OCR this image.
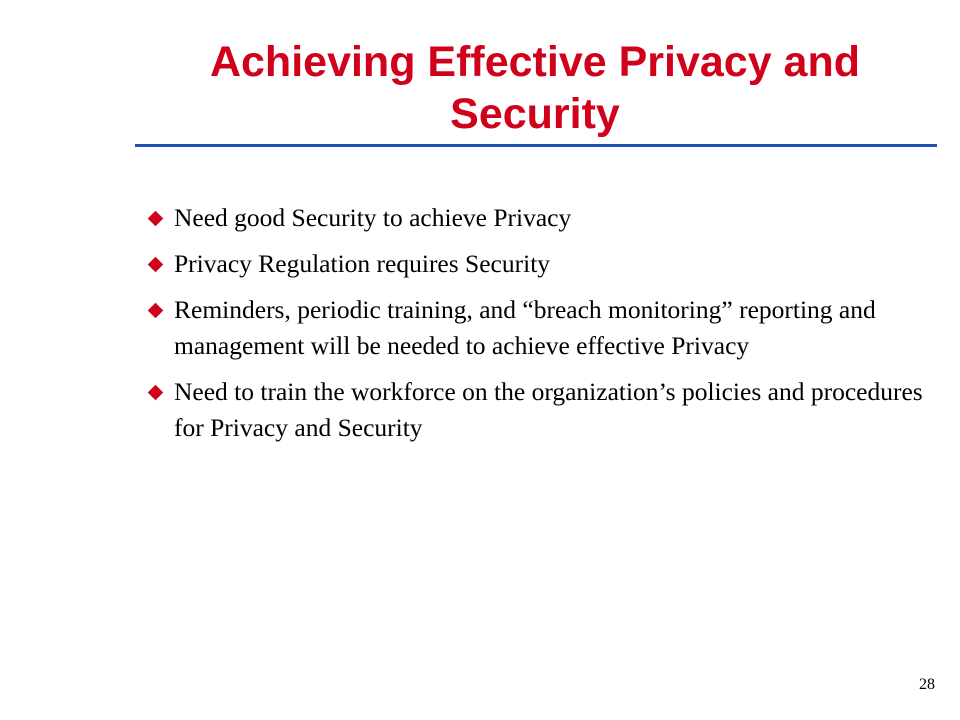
Achieving Effective Privacy and Security
Need good Security to achieve Privacy
Privacy Regulation requires Security
Reminders, periodic training, and “breach monitoring” reporting and management will be needed to achieve effective Privacy
Need to train the workforce on the organization’s policies and procedures for Privacy and Security
28
